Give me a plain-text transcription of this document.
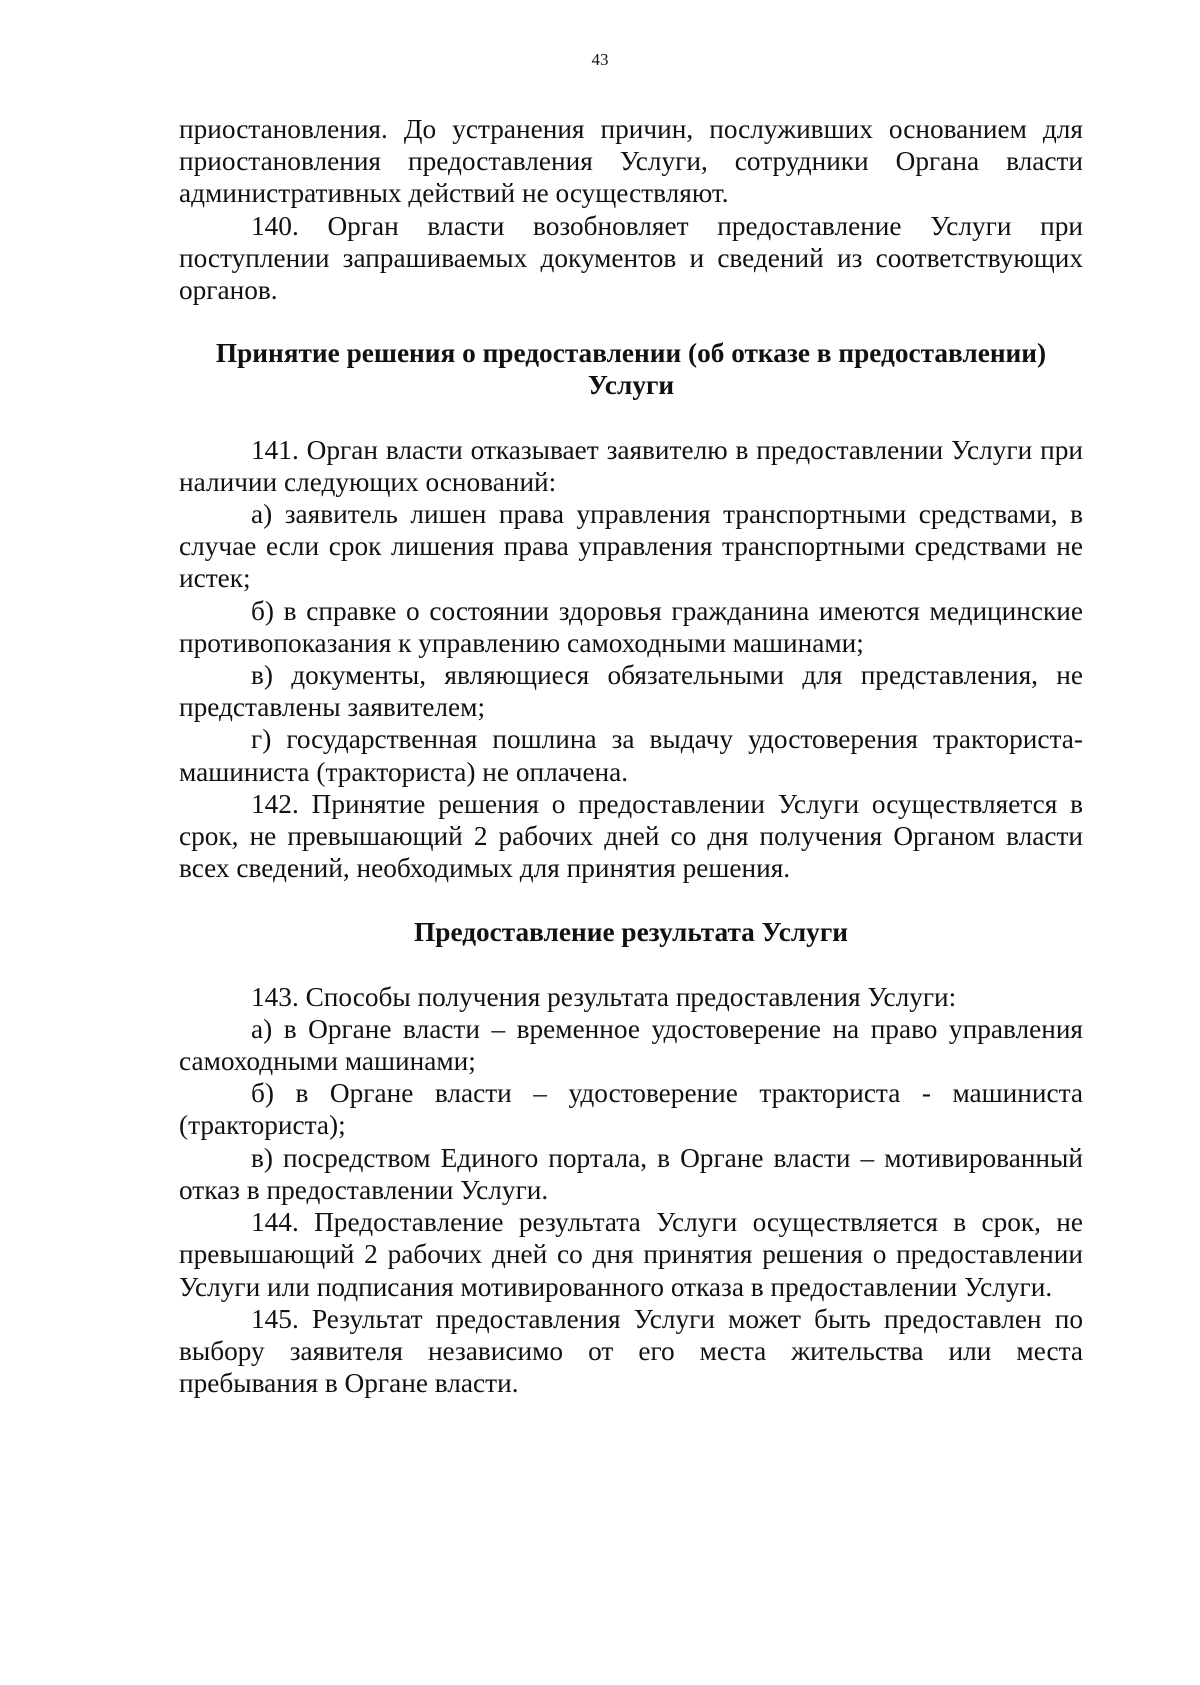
43

приостановления. До устранения причин, послуживших основанием для приостановления предоставления Услуги, сотрудники Органа власти административных действий не осуществляют.

140. Орган власти возобновляет предоставление Услуги при поступлении запрашиваемых документов и сведений из соответствующих органов.

Принятие решения о предоставлении (об отказе в предоставлении) Услуги

141. Орган власти отказывает заявителю в предоставлении Услуги при наличии следующих оснований:

а) заявитель лишен права управления транспортными средствами, в случае если срок лишения права управления транспортными средствами не истек;

б) в справке о состоянии здоровья гражданина имеются медицинские противопоказания к управлению самоходными машинами;

в) документы, являющиеся обязательными для представления, не представлены заявителем;

г) государственная пошлина за выдачу удостоверения тракториста-машиниста (тракториста) не оплачена.

142. Принятие решения о предоставлении Услуги осуществляется в срок, не превышающий 2 рабочих дней со дня получения Органом власти всех сведений, необходимых для принятия решения.

Предоставление результата Услуги

143. Способы получения результата предоставления Услуги:

а) в Органе власти – временное удостоверение на право управления самоходными машинами;

б) в Органе власти – удостоверение тракториста - машиниста (тракториста);

в) посредством Единого портала, в Органе власти – мотивированный отказ в предоставлении Услуги.

144. Предоставление результата Услуги осуществляется в срок, не превышающий 2 рабочих дней со дня принятия решения о предоставлении Услуги или подписания мотивированного отказа в предоставлении Услуги.

145. Результат предоставления Услуги может быть предоставлен по выбору заявителя независимо от его места жительства или места пребывания в Органе власти.
